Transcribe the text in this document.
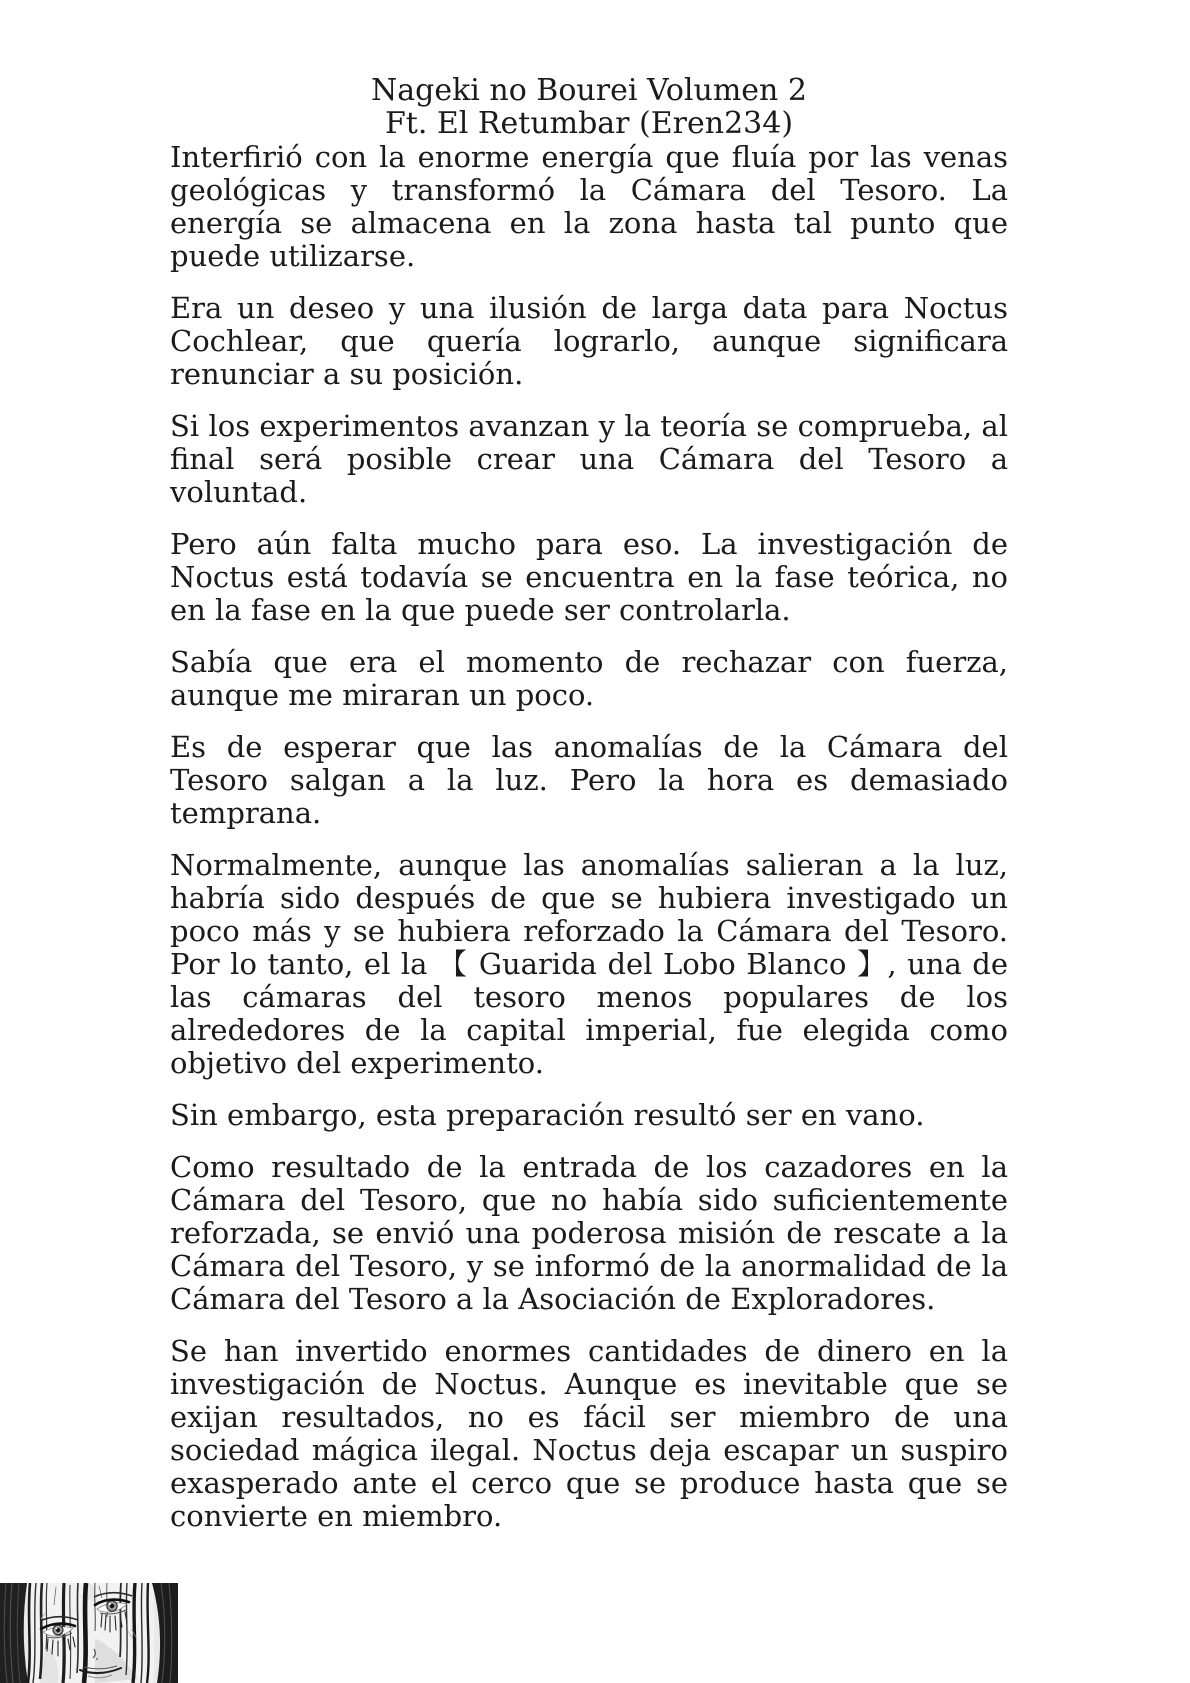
Nageki no Bourei Volumen 2
Ft. El Retumbar (Eren234)

Interfirió con la enorme energía que fluía por las venas geológicas y transformó la Cámara del Tesoro. La energía se almacena en la zona hasta tal punto que puede utilizarse.

Era un deseo y una ilusión de larga data para Noctus Cochlear, que quería lograrlo, aunque significara renunciar a su posición.

Si los experimentos avanzan y la teoría se comprueba, al final será posible crear una Cámara del Tesoro a voluntad.

Pero aún falta mucho para eso. La investigación de Noctus está todavía se encuentra en la fase teórica, no en la fase en la que puede ser controlarla.

Sabía que era el momento de rechazar con fuerza, aunque me miraran un poco.

Es de esperar que las anomalías de la Cámara del Tesoro salgan a la luz. Pero la hora es demasiado temprana.

Normalmente, aunque las anomalías salieran a la luz, habría sido después de que se hubiera investigado un poco más y se hubiera reforzado la Cámara del Tesoro. Por lo tanto, el la 【 Guarida del Lobo Blanco 】, una de las cámaras del tesoro menos populares de los alrededores de la capital imperial, fue elegida como objetivo del experimento.

Sin embargo, esta preparación resultó ser en vano.

Como resultado de la entrada de los cazadores en la Cámara del Tesoro, que no había sido suficientemente reforzada, se envió una poderosa misión de rescate a la Cámara del Tesoro, y se informó de la anormalidad de la Cámara del Tesoro a la Asociación de Exploradores.

Se han invertido enormes cantidades de dinero en la investigación de Noctus. Aunque es inevitable que se exijan resultados, no es fácil ser miembro de una sociedad mágica ilegal. Noctus deja escapar un suspiro exasperado ante el cerco que se produce hasta que se convierte en miembro.
